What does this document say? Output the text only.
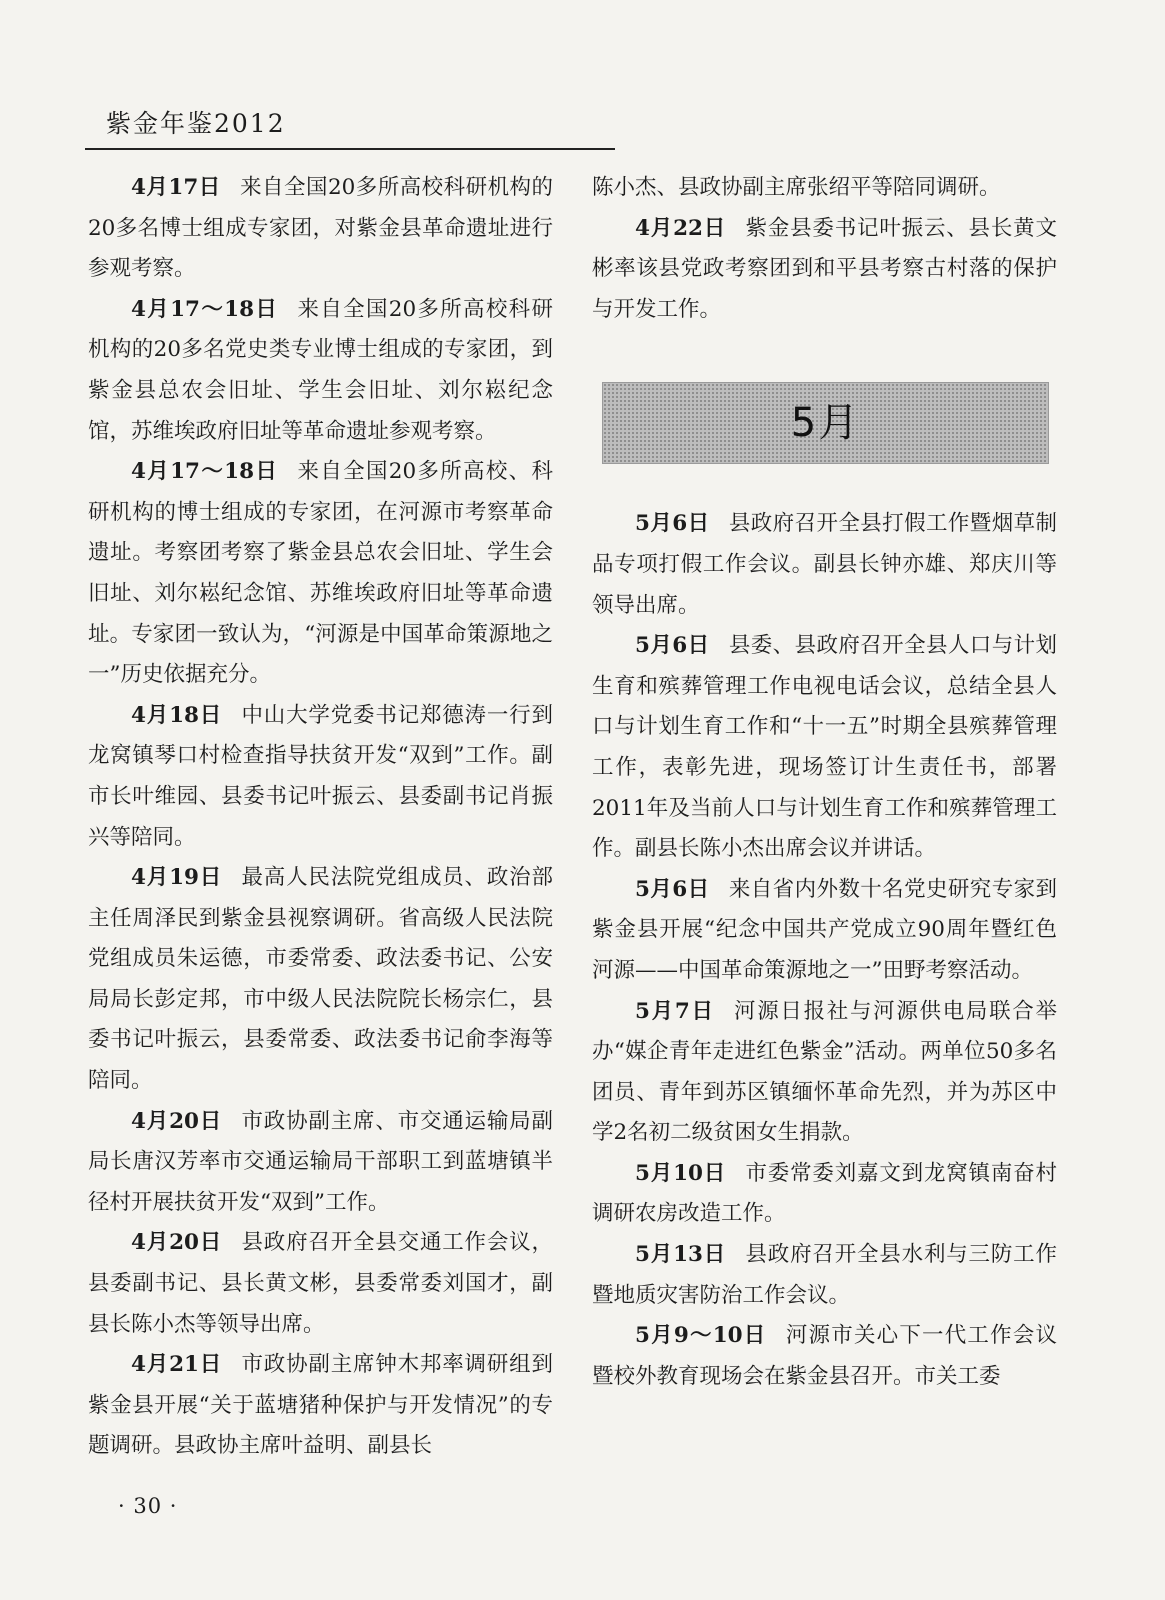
紫金年鉴2012

4月17日 来自全国20多所高校科研机构的20多名博士组成专家团，对紫金县革命遗址进行参观考察。

4月17～18日 来自全国20多所高校科研机构的20多名党史类专业博士组成的专家团，到紫金县总农会旧址、学生会旧址、刘尔崧纪念馆，苏维埃政府旧址等革命遗址参观考察。

4月17～18日 来自全国20多所高校、科研机构的博士组成的专家团，在河源市考察革命遗址。考察团考察了紫金县总农会旧址、学生会旧址、刘尔崧纪念馆、苏维埃政府旧址等革命遗址。专家团一致认为，“河源是中国革命策源地之一”历史依据充分。

4月18日 中山大学党委书记郑德涛一行到龙窝镇琴口村检查指导扶贫开发“双到”工作。副市长叶维园、县委书记叶振云、县委副书记肖振兴等陪同。

4月19日 最高人民法院党组成员、政治部主任周泽民到紫金县视察调研。省高级人民法院党组成员朱运德，市委常委、政法委书记、公安局局长彭定邦，市中级人民法院院长杨宗仁，县委书记叶振云，县委常委、政法委书记俞李海等陪同。

4月20日 市政协副主席、市交通运输局副局长唐汉芳率市交通运输局干部职工到蓝塘镇半径村开展扶贫开发“双到”工作。

4月20日 县政府召开全县交通工作会议，县委副书记、县长黄文彬，县委常委刘国才，副县长陈小杰等领导出席。

4月21日 市政协副主席钟木邦率调研组到紫金县开展“关于蓝塘猪种保护与开发情况”的专题调研。县政协主席叶益明、副县长

陈小杰、县政协副主席张绍平等陪同调研。

4月22日 紫金县委书记叶振云、县长黄文彬率该县党政考察团到和平县考察古村落的保护与开发工作。

5月

5月6日 县政府召开全县打假工作暨烟草制品专项打假工作会议。副县长钟亦雄、郑庆川等领导出席。

5月6日 县委、县政府召开全县人口与计划生育和殡葬管理工作电视电话会议，总结全县人口与计划生育工作和“十一五”时期全县殡葬管理工作，表彰先进，现场签订计生责任书，部署2011年及当前人口与计划生育工作和殡葬管理工作。副县长陈小杰出席会议并讲话。

5月6日 来自省内外数十名党史研究专家到紫金县开展“纪念中国共产党成立90周年暨红色河源——中国革命策源地之一”田野考察活动。

5月7日 河源日报社与河源供电局联合举办“媒企青年走进红色紫金”活动。两单位50多名团员、青年到苏区镇缅怀革命先烈，并为苏区中学2名初二级贫困女生捐款。

5月10日 市委常委刘嘉文到龙窝镇南奋村调研农房改造工作。

5月13日 县政府召开全县水利与三防工作暨地质灾害防治工作会议。

5月9～10日 河源市关心下一代工作会议暨校外教育现场会在紫金县召开。市关工委

· 30 ·
